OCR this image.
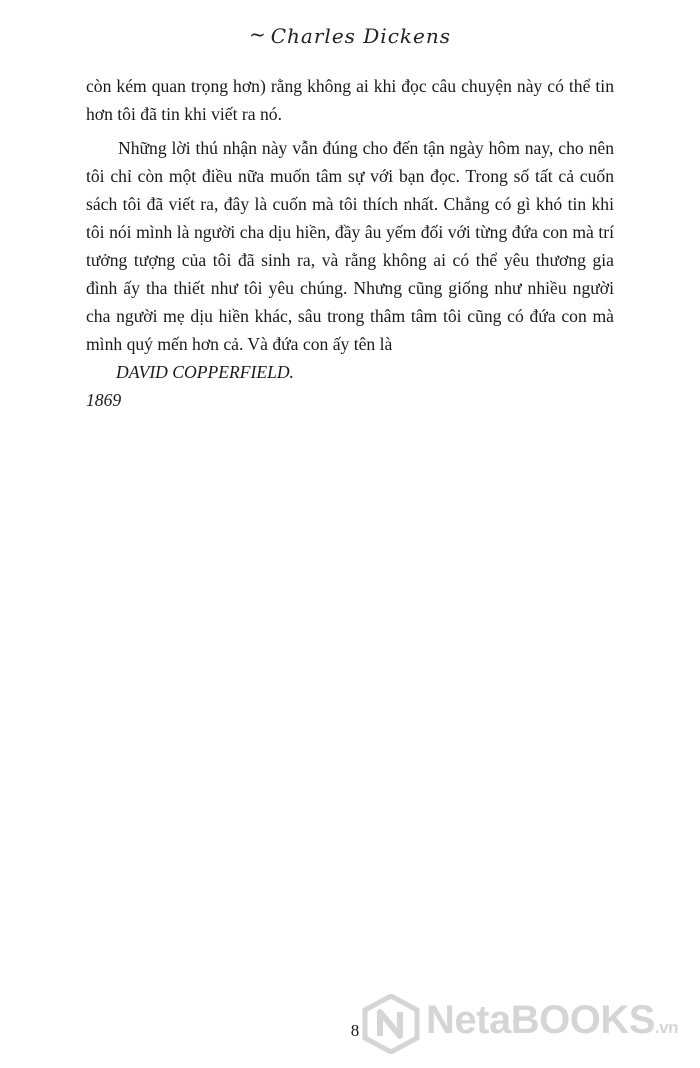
~ Charles Dickens

còn kém quan trọng hơn) rằng không ai khi đọc câu chuyện này có thể tin hơn tôi đã tin khi viết ra nó.

Những lời thú nhận này vẫn đúng cho đến tận ngày hôm nay, cho nên tôi chỉ còn một điều nữa muốn tâm sự với bạn đọc. Trong số tất cả cuốn sách tôi đã viết ra, đây là cuốn mà tôi thích nhất. Chẳng có gì khó tin khi tôi nói mình là người cha dịu hiền, đầy âu yếm đối với từng đứa con mà trí tưởng tượng của tôi đã sinh ra, và rằng không ai có thể yêu thương gia đình ấy tha thiết như tôi yêu chúng. Nhưng cũng giống như nhiều người cha người mẹ dịu hiền khác, sâu trong thâm tâm tôi cũng có đứa con mà mình quý mến hơn cả. Và đứa con ấy tên là

DAVID COPPERFIELD.

1869

8	NetaBOOKS.vn
